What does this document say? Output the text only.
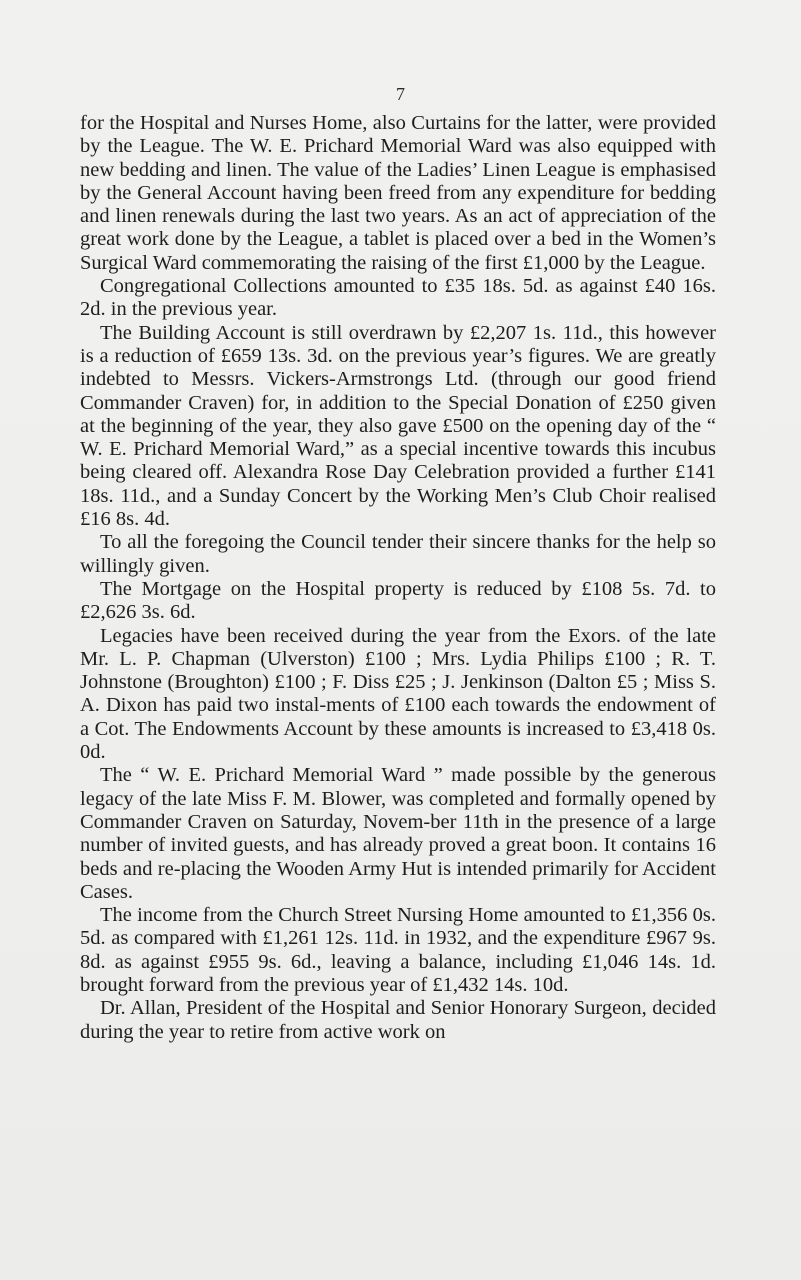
7

for the Hospital and Nurses Home, also Curtains for the latter, were provided by the League. The W. E. Prichard Memorial Ward was also equipped with new bedding and linen. The value of the Ladies’ Linen League is emphasised by the General Account having been freed from any expenditure for bedding and linen renewals during the last two years. As an act of appreciation of the great work done by the League, a tablet is placed over a bed in the Women’s Surgical Ward commemorating the raising of the first £1,000 by the League.

Congregational Collections amounted to £35 18s. 5d. as against £40 16s. 2d. in the previous year.

The Building Account is still overdrawn by £2,207 1s. 11d., this however is a reduction of £659 13s. 3d. on the previous year’s figures. We are greatly indebted to Messrs. Vickers-Armstrongs Ltd. (through our good friend Commander Craven) for, in addition to the Special Donation of £250 given at the beginning of the year, they also gave £500 on the opening day of the “ W. E. Prichard Memorial Ward,” as a special incentive towards this incubus being cleared off. Alexandra Rose Day Celebration provided a further £141 18s. 11d., and a Sunday Concert by the Working Men’s Club Choir realised £16 8s. 4d.

To all the foregoing the Council tender their sincere thanks for the help so willingly given.

The Mortgage on the Hospital property is reduced by £108 5s. 7d. to £2,626 3s. 6d.

Legacies have been received during the year from the Exors. of the late Mr. L. P. Chapman (Ulverston) £100 ; Mrs. Lydia Philips £100 ; R. T. Johnstone (Broughton) £100 ; F. Diss £25 ; J. Jenkinson (Dalton £5 ; Miss S. A. Dixon has paid two instal-ments of £100 each towards the endowment of a Cot. The Endowments Account by these amounts is increased to £3,418 0s. 0d.

The “ W. E. Prichard Memorial Ward ” made possible by the generous legacy of the late Miss F. M. Blower, was completed and formally opened by Commander Craven on Saturday, Novem-ber 11th in the presence of a large number of invited guests, and has already proved a great boon. It contains 16 beds and re-placing the Wooden Army Hut is intended primarily for Accident Cases.

The income from the Church Street Nursing Home amounted to £1,356 0s. 5d. as compared with £1,261 12s. 11d. in 1932, and the expenditure £967 9s. 8d. as against £955 9s. 6d., leaving a balance, including £1,046 14s. 1d. brought forward from the previous year of £1,432 14s. 10d.

Dr. Allan, President of the Hospital and Senior Honorary Surgeon, decided during the year to retire from active work on
